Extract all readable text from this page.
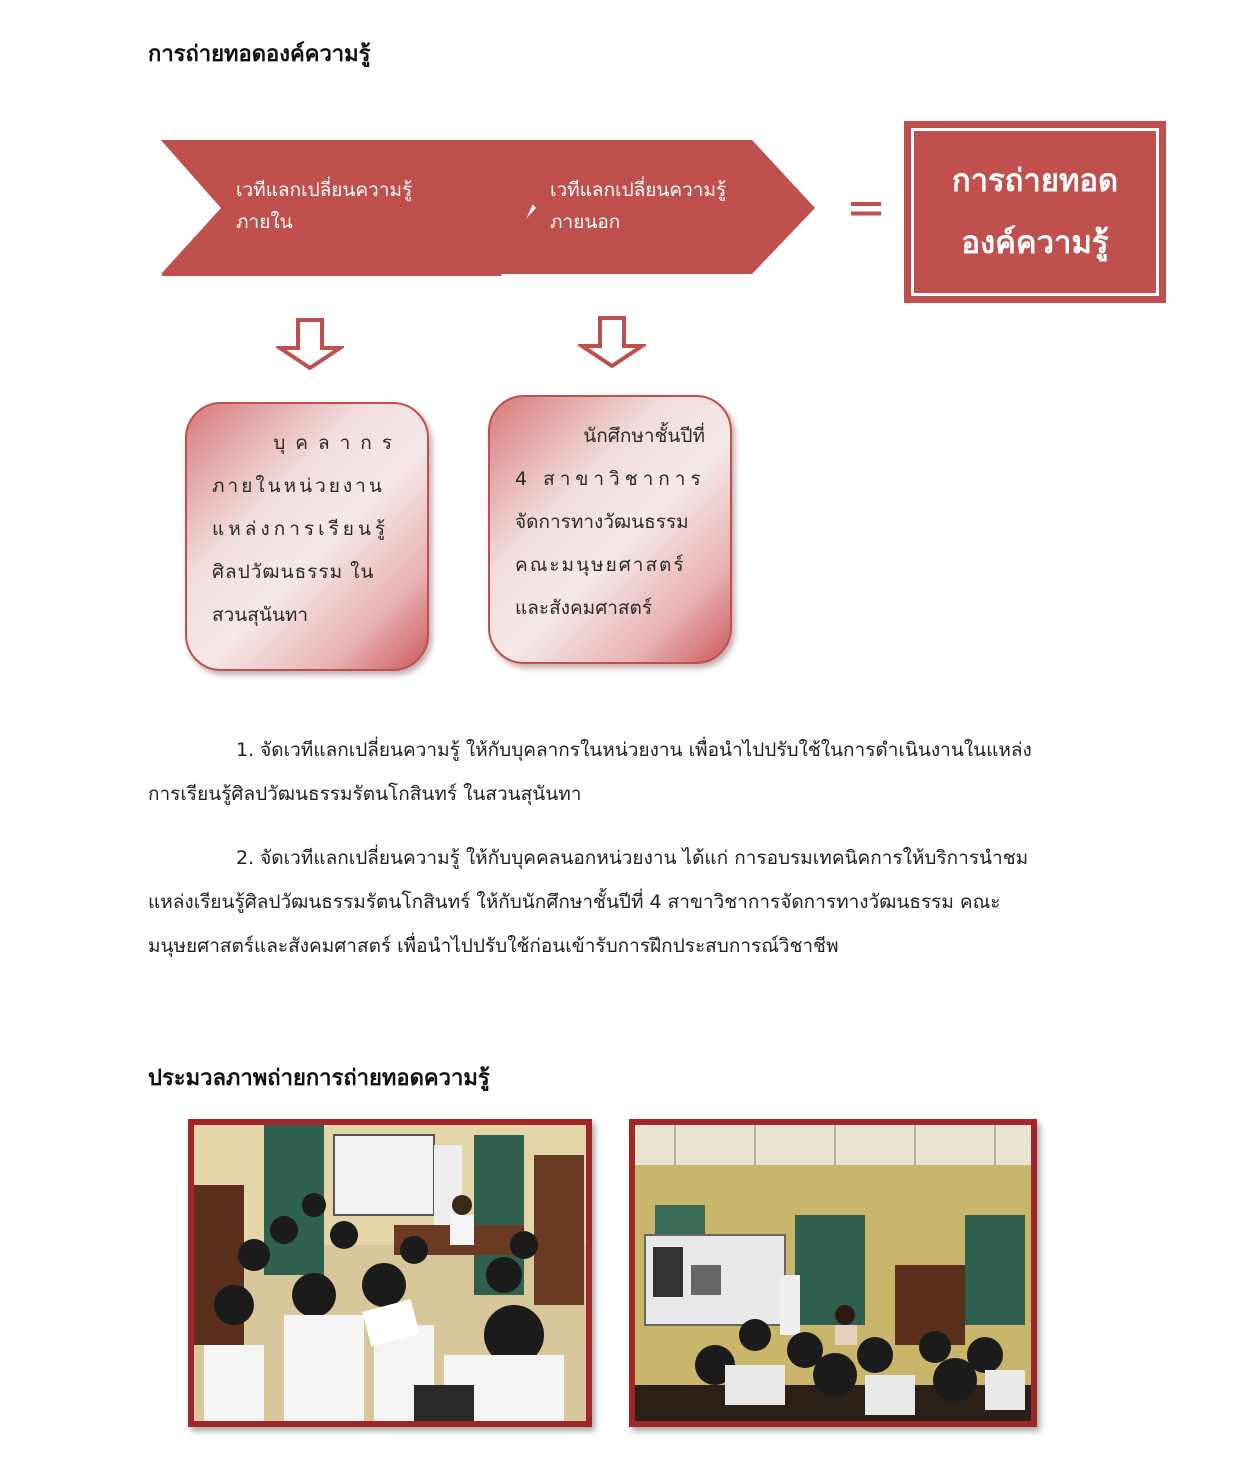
การถ่ายทอดองค์ความรู้
เวทีแลกเปลี่ยนความรู้
ภายใน
เวทีแลกเปลี่ยนความรู้
ภายนอก	= การถ่ายทอด
องค์ความรู้
บุคลากร
ภายในหน่วยงาน
แหล่งการเรียนรู้
ศิลปวัฒนธรรม ใน
สวนสุนันทา
นักศึกษาชั้นปีที่
4 สาขาวิชาการ
จัดการทางวัฒนธรรม
คณะมนุษยศาสตร์
และสังคมศาสตร์
1. จัดเวทีแลกเปลี่ยนความรู้ ให้กับบุคลากรในหน่วยงาน เพื่อนำไปปรับใช้ในการดำเนินงานในแหล่ง
การเรียนรู้ศิลปวัฒนธรรมรัตนโกสินทร์ ในสวนสุนันทา
2. จัดเวทีแลกเปลี่ยนความรู้ ให้กับบุคคลนอกหน่วยงาน ได้แก่ การอบรมเทคนิคการให้บริการนำชม
แหล่งเรียนรู้ศิลปวัฒนธรรมรัตนโกสินทร์ ให้กับนักศึกษาชั้นปีที่ 4 สาขาวิชาการจัดการทางวัฒนธรรม คณะ
มนุษยศาสตร์และสังคมศาสตร์ เพื่อนำไปปรับใช้ก่อนเข้ารับการฝึกประสบการณ์วิชาชีพ
ประมวลภาพถ่ายการถ่ายทอดความรู้
